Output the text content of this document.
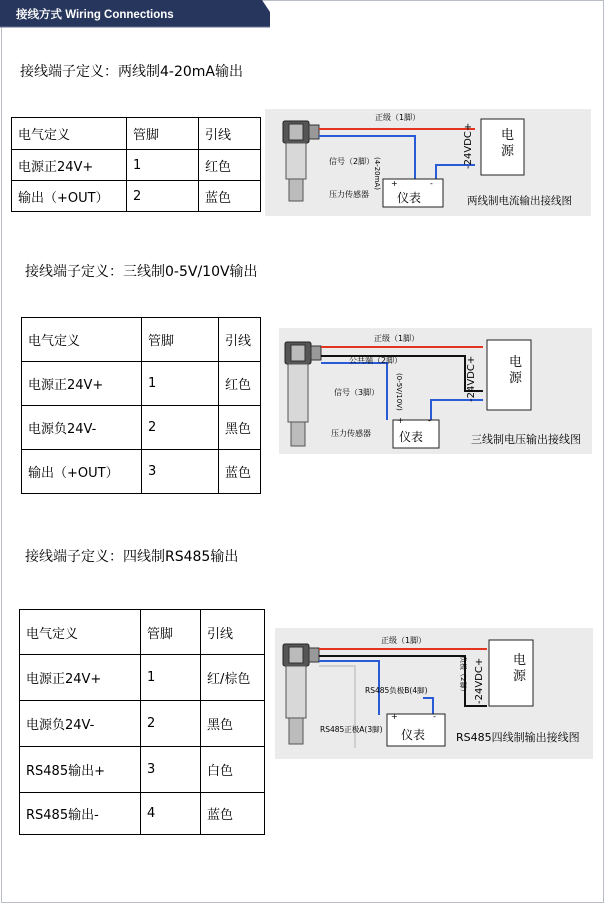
接线方式 Wiring Connections
接线端子定义：两线制4-20mA输出
电气定义	管脚	引线
电源正24V+	1	红色
输出（+OUT）	2	蓝色
正级（1脚）
信号（2脚）
(4-20mA)
-24VDC+ 电源
+	-
仪表
压力传感器
两线制电流输出接线图
接线端子定义：三线制0-5V/10V输出
电气定义	管脚	引线
电源正24V+	1	红色
电源负24V-	2	黑色
输出（+OUT）	3	蓝色
正级（1脚）
公共端（2脚）
信号（3脚） (0-5V/10V)	-24VDC+ 电源
+	-
仪表
压力传感器	三线制电压输出接线图
接线端子定义：四线制RS485输出
电气定义	管脚	引线
电源正24V+	1	红/棕色
电源负24V-	2	黑色
RS485输出+	3	白色
RS485输出-	4	蓝色
正级（1脚）
负极（2脚）
RS485负极B(4脚)
RS485正极A(3脚)
-24VDC+ 电源
+	-
仪表	RS485四线制输出接线图
